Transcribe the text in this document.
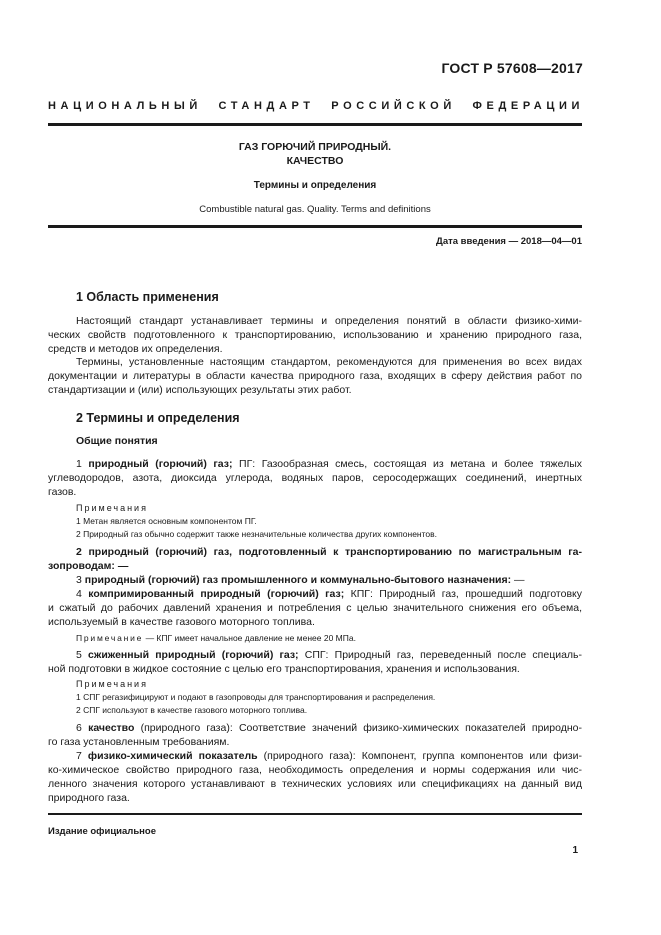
ГОСТ Р 57608—2017
НАЦИОНАЛЬНЫЙ СТАНДАРТ РОССИЙСКОЙ ФЕДЕРАЦИИ
ГАЗ ГОРЮЧИЙ ПРИРОДНЫЙ.
КАЧЕСТВО
Термины и определения
Combustible natural gas. Quality. Terms and definitions
Дата введения — 2018—04—01
1 Область применения
Настоящий стандарт устанавливает термины и определения понятий в области физико-хими-
ческих свойств подготовленного к транспортированию, использованию и хранению природного газа,
средств и методов их определения.
Термины, установленные настоящим стандартом, рекомендуются для применения во всех видах
документации и литературы в области качества природного газа, входящих в сферу действия работ по
стандартизации и (или) использующих результаты этих работ.
2 Термины и определения
Общие понятия
1 природный (горючий) газ; ПГ: Газообразная смесь, состоящая из метана и более тяжелых
углеводородов, азота, диоксида углерода, водяных паров, серосодержащих соединений, инертных
газов.
Примечания
1 Метан является основным компонентом ПГ.
2 Природный газ обычно содержит также незначительные количества других компонентов.
2 природный (горючий) газ, подготовленный к транспортированию по магистральным га-
зопроводам: —
3 природный (горючий) газ промышленного и коммунально-бытового назначения: —
4 компримированный природный (горючий) газ; КПГ: Природный газ, прошедший подготовку
и сжатый до рабочих давлений хранения и потребления с целью значительного снижения его объема,
используемый в качестве газового моторного топлива.
Примечание — КПГ имеет начальное давление не менее 20 МПа.
5 сжиженный природный (горючий) газ; СПГ: Природный газ, переведенный после специаль-
ной подготовки в жидкое состояние с целью его транспортирования, хранения и использования.
Примечания
1 СПГ регазифицируют и подают в газопроводы для транспортирования и распределения.
2 СПГ используют в качестве газового моторного топлива.
6 качество (природного газа): Соответствие значений физико-химических показателей природно-
го газа установленным требованиям.
7 физико-химический показатель (природного газа): Компонент, группа компонентов или физи-
ко-химическое свойство природного газа, необходимость определения и нормы содержания или чис-
ленного значения которого устанавливают в технических условиях или спецификациях на данный вид
природного газа.
Издание официальное
1
